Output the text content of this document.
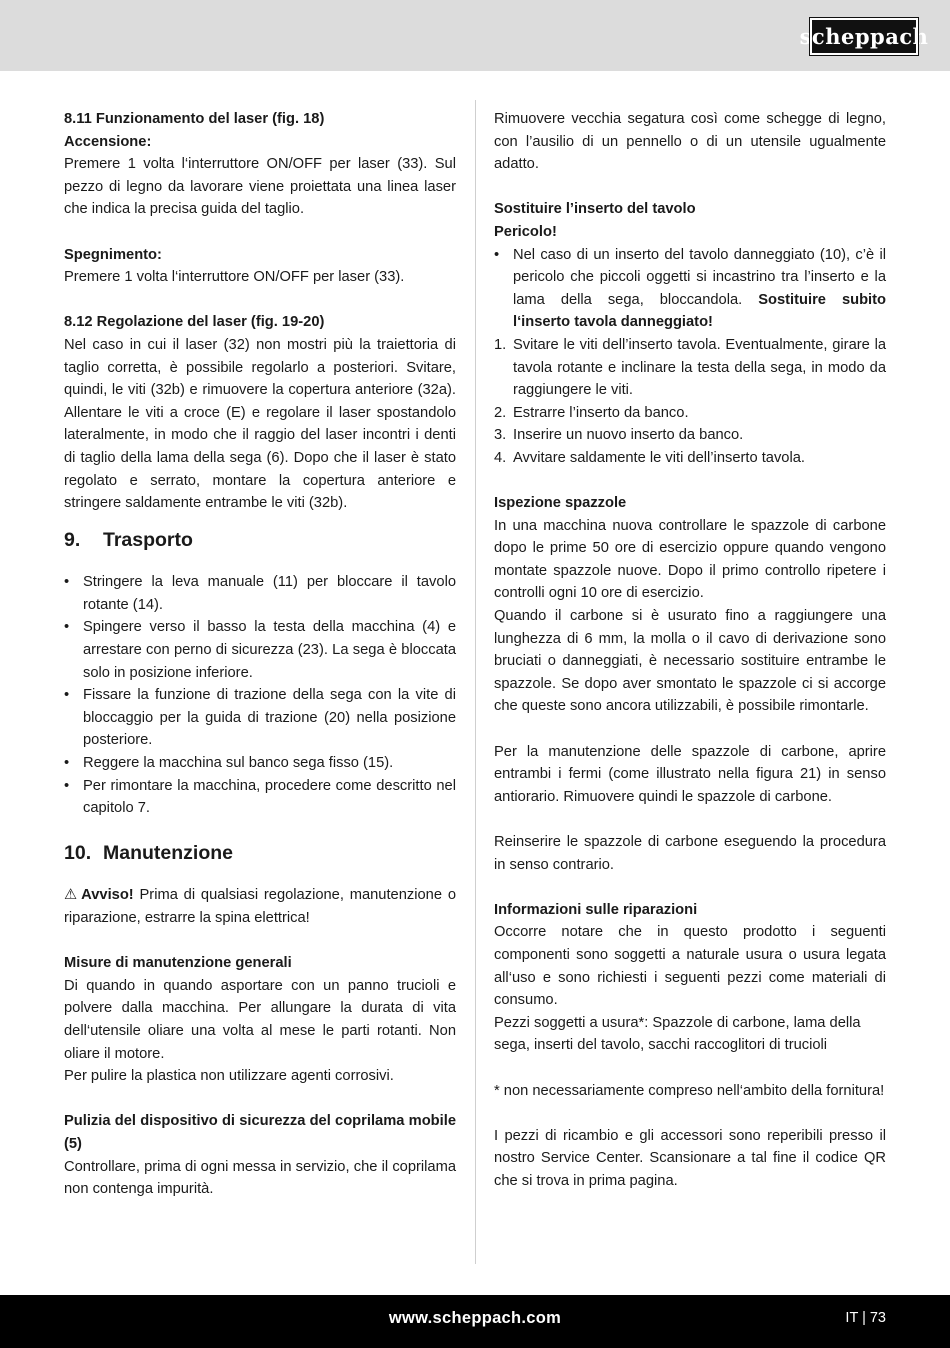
scheppach

8.11 Funzionamento del laser (fig. 18)

Accensione:

Premere 1 volta l‘interruttore ON/OFF per laser (33). Sul pezzo di legno da lavorare viene proiettata una linea laser che indica la precisa guida del taglio.

Spegnimento:

Premere 1 volta l‘interruttore ON/OFF per laser (33).

8.12 Regolazione del laser (fig. 19-20)

Nel caso in cui il laser (32) non mostri più la traiettoria di taglio corretta, è possibile regolarlo a posteriori. Svitare, quindi, le viti (32b) e rimuovere la copertura anteriore (32a). Allentare le viti a croce (E) e regolare il laser spostandolo lateralmente, in modo che il raggio del laser incontri i denti di taglio della lama della sega (6). Dopo che il laser è stato regolato e serrato, montare la copertura anteriore e stringere saldamente entrambe le viti (32b).

9.	Trasporto
• Stringere la leva manuale (11) per bloccare il tavolo rotante (14).
• Spingere verso il basso la testa della macchina (4) e arrestare con perno di sicurezza (23). La sega è bloccata solo in posizione inferiore.
• Fissare la funzione di trazione della sega con la vite di bloccaggio per la guida di trazione (20) nella posizione posteriore.
• Reggere la macchina sul banco sega fisso (15).
• Per rimontare la macchina, procedere come descritto nel capitolo 7.
10. Manutenzione

⚠ Avviso! Prima di qualsiasi regolazione, manutenzione o riparazione, estrarre la spina elettrica!

Misure di manutenzione generali

Di quando in quando asportare con un panno trucioli e polvere dalla macchina. Per allungare la durata di vita dell‘utensile oliare una volta al mese le parti rotanti. Non oliare il motore.

Per pulire la plastica non utilizzare agenti corrosivi.

Pulizia del dispositivo di sicurezza del coprilama mobile (5)

Controllare, prima di ogni messa in servizio, che il coprilama non contenga impurità.

Rimuovere vecchia segatura così come schegge di legno, con l’ausilio di un pennello o di un utensile ugualmente adatto.

Sostituire l’inserto del tavolo

Pericolo!

• Nel caso di un inserto del tavolo danneggiato (10), c’è il pericolo che piccoli oggetti si incastrino tra l’inserto e la lama della sega, bloccandola. Sostituire subito l‘inserto tavola danneggiato!
1. Svitare le viti dell’inserto tavola. Eventualmente, girare la tavola rotante e inclinare la testa della sega, in modo da raggiungere le viti.
2. Estrarre l’inserto da banco.
3. Inserire un nuovo inserto da banco.
4. Avvitare saldamente le viti dell’inserto tavola.

Ispezione spazzole

In una macchina nuova controllare le spazzole di carbone dopo le prime 50 ore di esercizio oppure quando vengono montate spazzole nuove. Dopo il primo controllo ripetere i controlli ogni 10 ore di esercizio.

Quando il carbone si è usurato fino a raggiungere una lunghezza di 6 mm, la molla o il cavo di derivazione sono bruciati o danneggiati, è necessario sostituire entrambe le spazzole. Se dopo aver smontato le spazzole ci si accorge che queste sono ancora utilizzabili, è possibile rimontarle.

Per la manutenzione delle spazzole di carbone, aprire entrambi i fermi (come illustrato nella figura 21) in senso antiorario. Rimuovere quindi le spazzole di carbone.

Reinserire le spazzole di carbone eseguendo la procedura in senso contrario.

Informazioni sulle riparazioni

Occorre notare che in questo prodotto i seguenti componenti sono soggetti a naturale usura o usura legata all‘uso e sono richiesti i seguenti pezzi come materiali di consumo.

Pezzi soggetti a usura*: Spazzole di carbone, lama della sega, inserti del tavolo, sacchi raccoglitori di trucioli

* non necessariamente compreso nell‘ambito della fornitura!

I pezzi di ricambio e gli accessori sono reperibili presso il nostro Service Center. Scansionare a tal fine il codice QR che si trova in prima pagina.

www.scheppach.com	IT | 73
